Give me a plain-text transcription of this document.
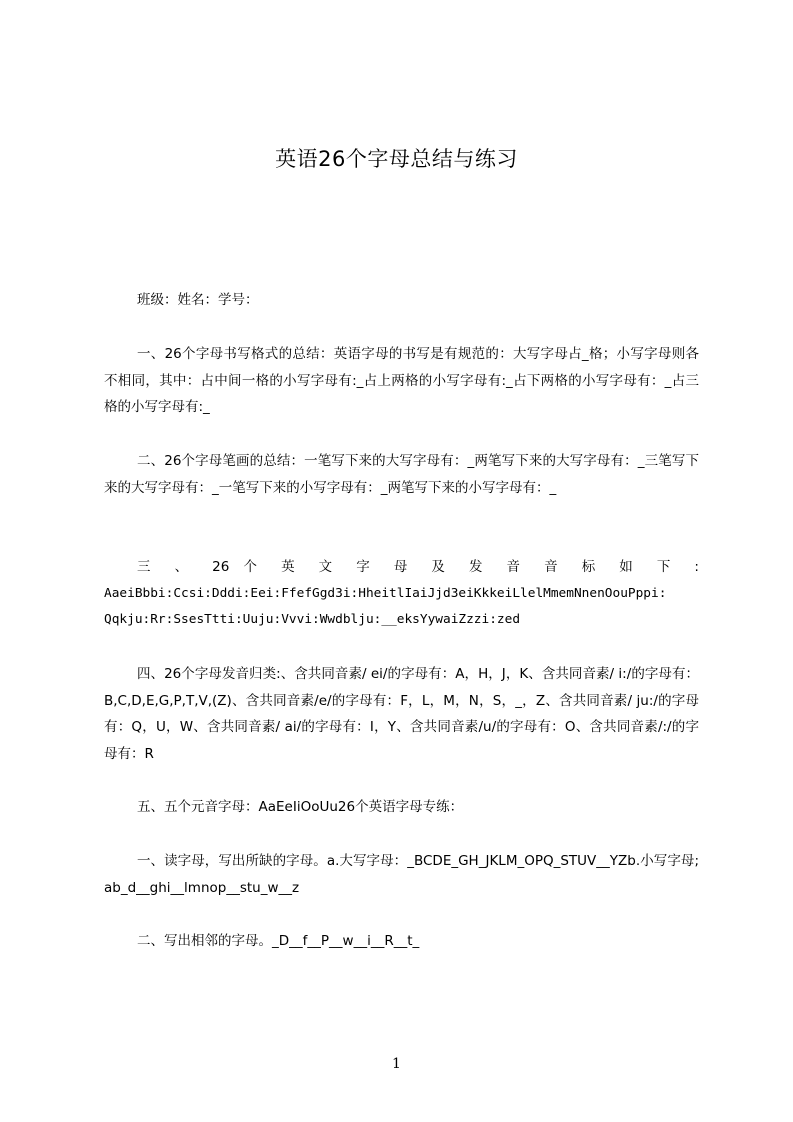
英语26个字母总结与练习
班级：姓名：学号：
一、26个字母书写格式的总结：英语字母的书写是有规范的：大写字母占_格；小写字母则各不相同，其中：占中间一格的小写字母有:_占上两格的小写字母有:_占下两格的小写字母有：_占三格的小写字母有:_
二、26个字母笔画的总结：一笔写下来的大写字母有：_两笔写下来的大写字母有：_三笔写下来的大写字母有：_一笔写下来的小写字母有：_两笔写下来的小写字母有：_
三 、 26 个 英 文 字 母 及 发 音 音 标 如 下 :
AaeiBbbi:Ccsi:Dddi:Eei:FfefGgd3i:HheitlIaiJjd3eiKkkeiLlelMmemNnenOouPppi:
Qqkju:Rr:SsesTtti:Uuju:Vvvi:Wwdblju:__eksYywaiZzzi:zed
四、26个字母发音归类:、含共同音素/ ei/的字母有：A，H，J，K、含共同音素/ i:/的字母有：B,C,D,E,G,P,T,V,(Z)、含共同音素/e/的字母有：F，L，M，N，S，_，Z、含共同音素/ ju:/的字母有：Q，U，W、含共同音素/ ai/的字母有：I，Y、含共同音素/u/的字母有：O、含共同音素/:/的字母有：R
五、五个元音字母：AaEeIiOoUu26个英语字母专练：
一、读字母，写出所缺的字母。a.大写字母：_BCDE_GH_JKLM_OPQ_STUV__YZb.小写字母;ab_d__ghi__lmnop__stu_w__z
二、写出相邻的字母。_D__f__P__w__i__R__t_
1
